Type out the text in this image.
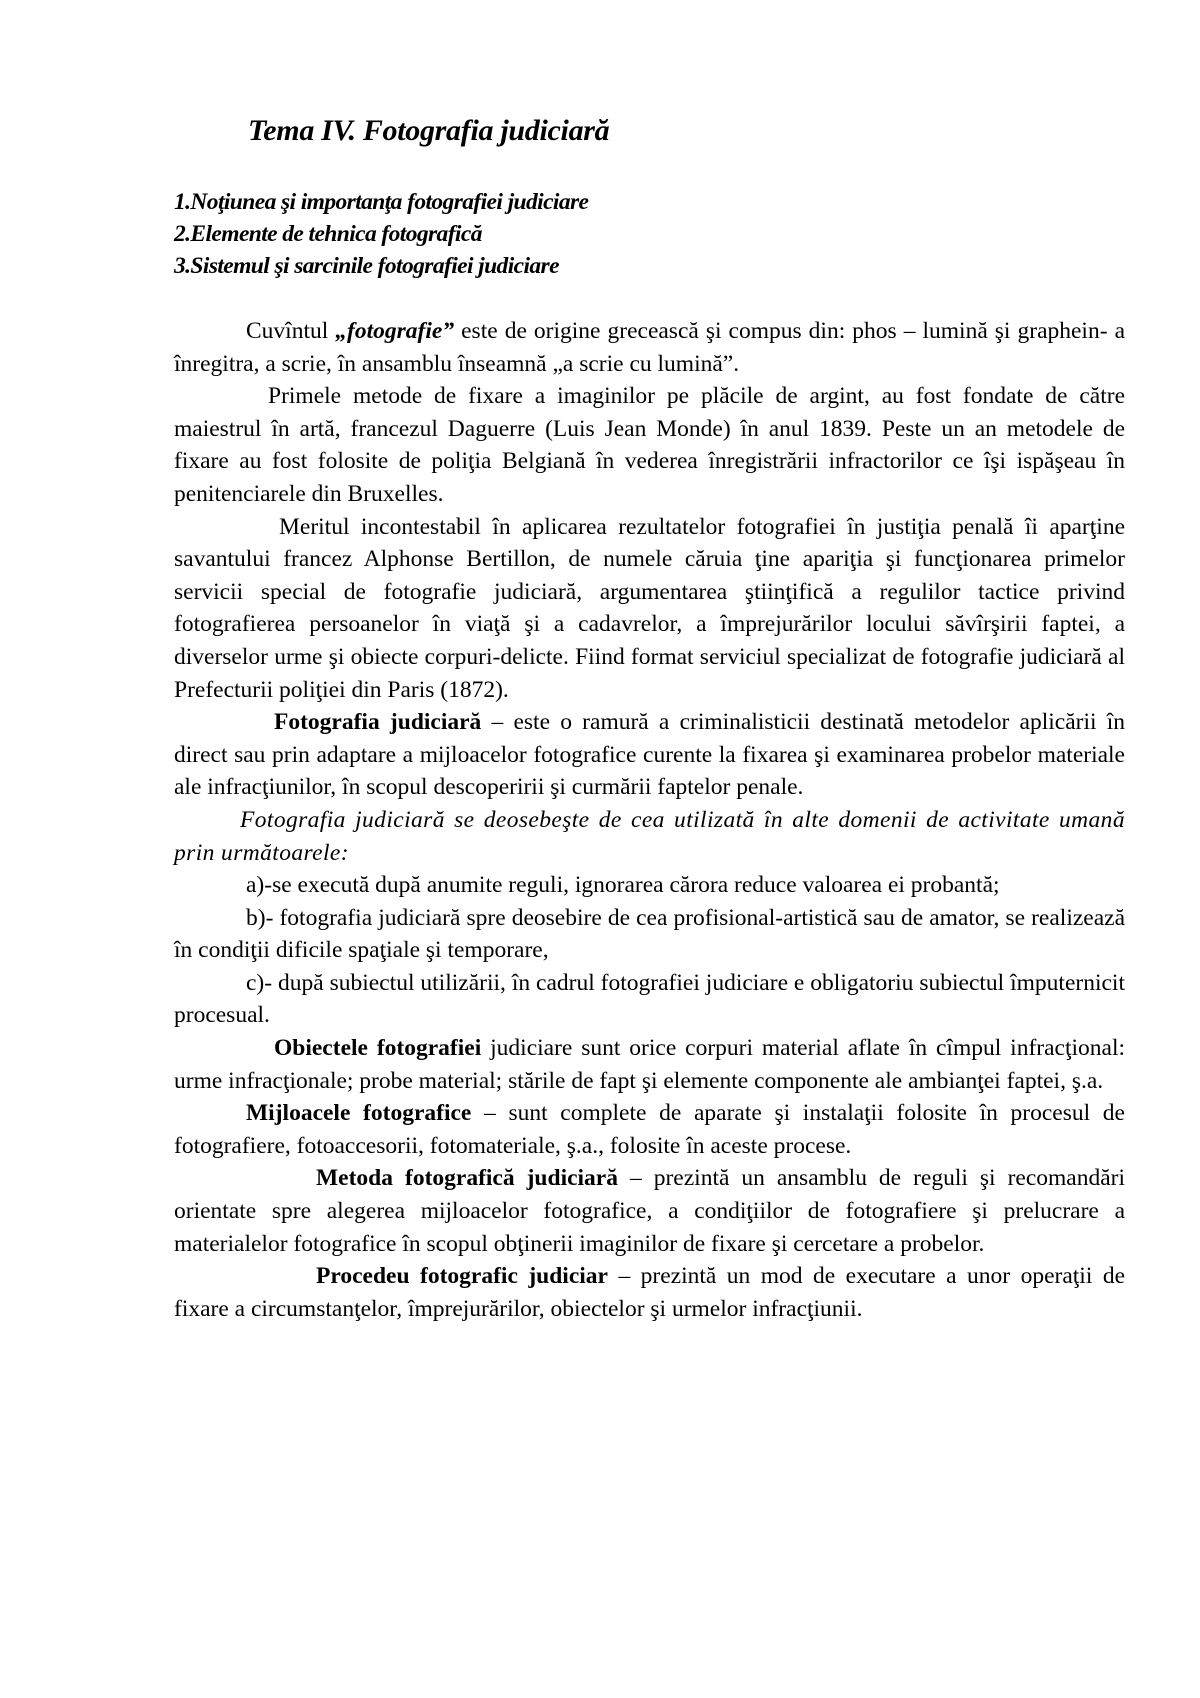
Tema IV. Fotografia judiciară
1.Noţiunea şi importanţa fotografiei judiciare
2.Elemente de tehnica fotografică
3.Sistemul şi sarcinile fotografiei judiciare

Cuvîntul „fotografie” este de origine grecească şi compus din: phos – lumină şi graphein- a înregitra, a scrie, în ansamblu înseamnă „a scrie cu lumină”.

Primele metode de fixare a imaginilor pe plăcile de argint, au fost fondate de către maiestrul în artă, francezul Daguerre (Luis Jean Monde) în anul 1839. Peste un an metodele de fixare au fost folosite de poliţia Belgiană în vederea înregistrării infractorilor ce îşi ispăşeau în penitenciarele din Bruxelles.

Meritul incontestabil în aplicarea rezultatelor fotografiei în justiţia penală îi aparţine savantului francez Alphonse Bertillon, de numele căruia ţine apariţia şi funcţionarea primelor servicii special de fotografie judiciară, argumentarea ştiinţifică a regulilor tactice privind fotografierea persoanelor în viaţă şi a cadavrelor, a împrejurărilor locului săvîrşirii faptei, a diverselor urme şi obiecte corpuri-delicte. Fiind format serviciul specializat de fotografie judiciară al Prefecturii poliţiei din Paris (1872).

Fotografia judiciară – este o ramură a criminalisticii destinată metodelor aplicării în direct sau prin adaptare a mijloacelor fotografice curente la fixarea şi examinarea probelor materiale ale infracţiunilor, în scopul descoperirii şi curmării faptelor penale.

Fotografia judiciară se deosebeşte de cea utilizată în alte domenii de activitate umană prin următoarele:

a)-se execută după anumite reguli, ignorarea cărora reduce valoarea ei probantă;

b)- fotografia judiciară spre deosebire de cea profisional-artistică sau de amator, se realizează în condiţii dificile spaţiale şi temporare,

c)- după subiectul utilizării, în cadrul fotografiei judiciare e obligatoriu subiectul împuternicit procesual.

Obiectele fotografiei judiciare sunt orice corpuri material aflate în cîmpul infracţional: urme infracţionale; probe material; stările de fapt şi elemente componente ale ambianţei faptei, ş.a.

Mijloacele fotografice – sunt complete de aparate şi instalaţii folosite în procesul de fotografiere, fotoaccesorii, fotomateriale, ş.a., folosite în aceste procese.

Metoda fotografică judiciară – prezintă un ansamblu de reguli şi recomandări orientate spre alegerea mijloacelor fotografice, a condiţiilor de fotografiere şi prelucrare a materialelor fotografice în scopul obţinerii imaginilor de fixare şi cercetare a probelor.

Procedeu fotografic judiciar – prezintă un mod de executare a unor operaţii de fixare a circumstanţelor, împrejurărilor, obiectelor şi urmelor infracţiunii.
